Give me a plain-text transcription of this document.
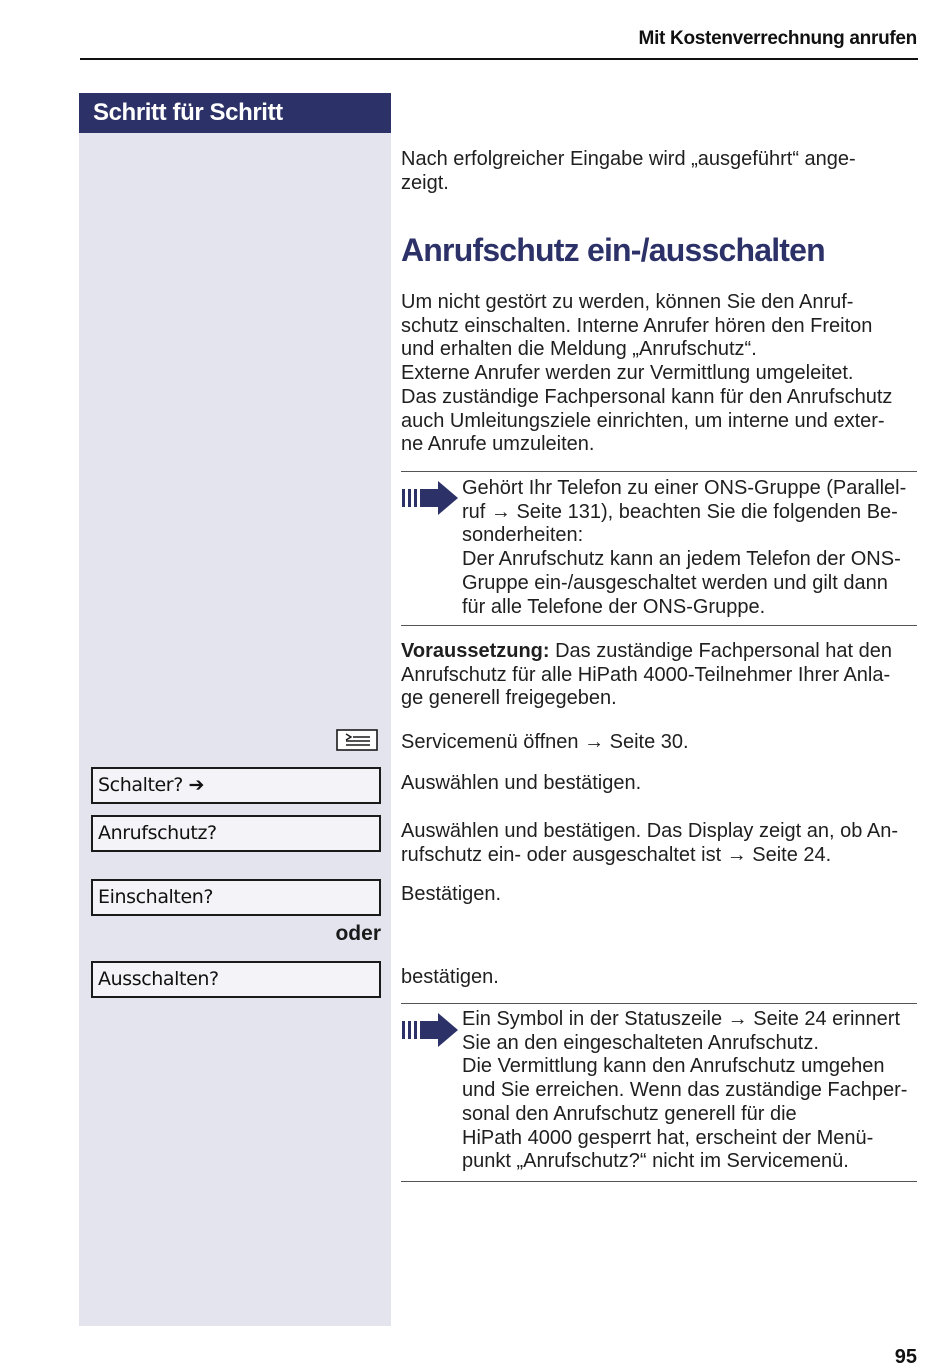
Mit Kostenverrechnung anrufen
Schritt für Schritt
Nach erfolgreicher Eingabe wird „ausgeführt“ ange-
zeigt.
Anrufschutz ein-/ausschalten
Um nicht gestört zu werden, können Sie den Anruf-
schutz einschalten. Interne Anrufer hören den Freiton
und erhalten die Meldung „Anrufschutz“.
Externe Anrufer werden zur Vermittlung umgeleitet.
Das zuständige Fachpersonal kann für den Anrufschutz
auch Umleitungsziele einrichten, um interne und exter-
ne Anrufe umzuleiten.
Gehört Ihr Telefon zu einer ONS-Gruppe (Parallel-
ruf → Seite 131), beachten Sie die folgenden Be-
sonderheiten:
Der Anrufschutz kann an jedem Telefon der ONS-
Gruppe ein-/ausgeschaltet werden und gilt dann
für alle Telefone der ONS-Gruppe.
Voraussetzung: Das zuständige Fachpersonal hat den
Anrufschutz für alle HiPath 4000-Teilnehmer Ihrer Anla-
ge generell freigegeben.
Servicemenü öffnen → Seite 30.
Schalter? ➔	Auswählen und bestätigen.
Anrufschutz?	Auswählen und bestätigen. Das Display zeigt an, ob An-
rufschutz ein- oder ausgeschaltet ist → Seite 24.
Einschalten?	Bestätigen.
oder
Ausschalten?	bestätigen.
Ein Symbol in der Statuszeile → Seite 24 erinnert
Sie an den eingeschalteten Anrufschutz.
Die Vermittlung kann den Anrufschutz umgehen
und Sie erreichen. Wenn das zuständige Fachper-
sonal den Anrufschutz generell für die
HiPath 4000 gesperrt hat, erscheint der Menü-
punkt „Anrufschutz?“ nicht im Servicemenü.
95
